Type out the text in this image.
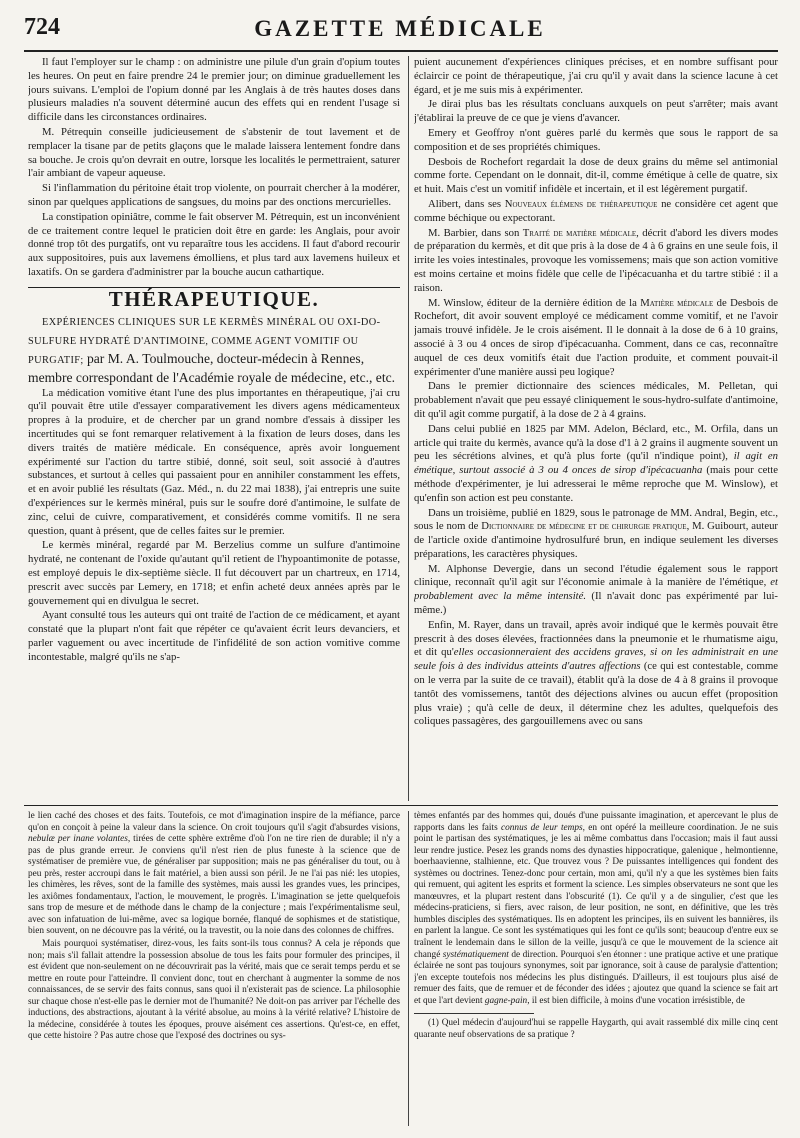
724	GAZETTE MÉDICALE

Il faut l'employer sur le champ : on administre une pilule d'un grain d'opium toutes les heures. On peut en faire prendre 24 le premier jour; on diminue graduellement les jours suivans. L'emploi de l'opium donné par les Anglais à de très hautes doses dans plusieurs maladies n'a souvent déterminé aucun des effets qui en rendent l'usage si difficile dans les circonstances ordinaires.

M. Pétrequin conseille judicieusement de s'abstenir de tout lavement et de remplacer la tisane par de petits glaçons que le malade laissera lentement fondre dans sa bouche. Je crois qu'on devrait en outre, lorsque les localités le permettraient, saturer l'air ambiant de vapeur aqueuse.

Si l'inflammation du péritoine était trop violente, on pourrait chercher à la modérer, sinon par quelques applications de sangsues, du moins par des onctions mercurielles.

La constipation opiniâtre, comme le fait observer M. Pétrequin, est un inconvénient de ce traitement contre lequel le praticien doit être en garde: les Anglais, pour avoir donné trop tôt des purgatifs, ont vu reparaître tous les accidens. Il faut d'abord recourir aux suppositoires, puis aux lavemens émolliens, et plus tard aux lavemens huileux et laxatifs. On se gardera d'administrer par la bouche aucun cathartique.

THÉRAPEUTIQUE.

EXPÉRIENCES CLINIQUES SUR LE KERMÈS MINÉRAL OU OXI-DO-SULFURE HYDRATÉ D'ANTIMOINE, COMME AGENT VOMITIF OU PURGATIF; par M. A. Toulmouche, docteur-médecin à Rennes, membre correspondant de l'Académie royale de médecine, etc., etc.

La médication vomitive étant l'une des plus importantes en thérapeutique, j'ai cru qu'il pouvait être utile d'essayer comparativement les divers agens médicamenteux propres à la produire, et de chercher par un grand nombre d'essais à dissiper les incertitudes qui se font remarquer relativement à la fixation de leurs doses, dans les divers traités de matière médicale. En conséquence, après avoir longuement expérimenté sur l'action du tartre stibié, donné, soit seul, soit associé à d'autres substances, et surtout à celles qui passaient pour en annihiler constamment les effets, et en avoir publié les résultats (Gaz. Méd., n. du 22 mai 1838), j'ai entrepris une suite d'expériences sur le kermès minéral, puis sur le soufre doré d'antimoine, le sulfate de zinc, celui de cuivre, comparativement, et considérés comme vomitifs. Il ne sera question, quant à présent, que de celles faites sur le premier.

Le kermès minéral, regardé par M. Berzelius comme un sulfure d'antimoine hydraté, ne contenant de l'oxide qu'autant qu'il retient de l'hypoantimonite de potasse, est employé depuis le dix-septième siècle. Il fut découvert par un chartreux, en 1714, prescrit avec succès par Lemery, en 1718; et enfin acheté deux années après par le gouvernement qui en divulgua le secret.

Ayant consulté tous les auteurs qui ont traité de l'action de ce médicament, et ayant constaté que la plupart n'ont fait que répéter ce qu'avaient écrit leurs devanciers, et parler vaguement ou avec incertitude de l'infidélité de son action vomitive comme incontestable, malgré qu'ils ne s'ap-

puient aucunement d'expériences cliniques précises, et en nombre suffisant pour éclaircir ce point de thérapeutique, j'ai cru qu'il y avait dans la science lacune à cet égard, et je me suis mis à expérimenter.

Je dirai plus bas les résultats concluans auxquels on peut s'arrêter; mais avant j'établirai la preuve de ce que je viens d'avancer.

Emery et Geoffroy n'ont guères parlé du kermès que sous le rapport de sa composition et de ses propriétés chimiques.

Desbois de Rochefort regardait la dose de deux grains du même sel antimonial comme forte. Cependant on le donnait, dit-il, comme émétique à celle de quatre, six et huit. Mais c'est un vomitif infidèle et incertain, et il est légèrement purgatif.

Alibert, dans ses Nouveaux élémens de thérapeutique ne considère cet agent que comme béchique ou expectorant.

M. Barbier, dans son Traité de matière médicale, décrit d'abord les divers modes de préparation du kermès, et dit que pris à la dose de 4 à 6 grains en une seule fois, il irrite les voies intestinales, provoque les vomissemens; mais que son action vomitive est moins certaine et moins fidèle que celle de l'ipécacuanha et du tartre stibié : il a raison.

M. Winslow, éditeur de la dernière édition de la Matière médicale de Desbois de Rochefort, dit avoir souvent employé ce médicament comme vomitif, et ne l'avoir jamais trouvé infidèle. Je le crois aisément. Il le donnait à la dose de 6 à 10 grains, associé à 3 ou 4 onces de sirop d'ipécacuanha. Comment, dans ce cas, reconnaître auquel de ces deux vomitifs était due l'action produite, et comment pouvait-il expérimenter d'une manière aussi peu logique?

Dans le premier dictionnaire des sciences médicales, M. Pelletan, qui probablement n'avait que peu essayé cliniquement le sous-hydro-sulfate d'antimoine, dit qu'il agit comme purgatif, à la dose de 2 à 4 grains.

Dans celui publié en 1825 par MM. Adelon, Béclard, etc., M. Orfila, dans un article qui traite du kermès, avance qu'à la dose d'1 à 2 grains il augmente souvent un peu les sécrétions alvines, et qu'à plus forte (qu'il n'indique point), il agit en émétique, surtout associé à 3 ou 4 onces de sirop d'ipécacuanha (mais pour cette méthode d'expérimenter, je lui adresserai le même reproche que M. Winslow), et qu'enfin son action est peu constante.

Dans un troisième, publié en 1829, sous le patronage de MM. Andral, Begin, etc., sous le nom de Dictionnaire de médecine et de chirurgie pratique, M. Guibourt, auteur de l'article oxide d'antimoine hydrosulfuré brun, en indique seulement les diverses préparations, les caractères physiques.

M. Alphonse Devergie, dans un second l'étudie également sous le rapport clinique, reconnaît qu'il agit sur l'économie animale à la manière de l'émétique, et probablement avec la même intensité. (Il n'avait donc pas expérimenté par lui-même.)

Enfin, M. Rayer, dans un travail, après avoir indiqué que le kermès pouvait être prescrit à des doses élevées, fractionnées dans la pneumonie et le rhumatisme aigu, et dit qu'elles occasionneraient des accidens graves, si on les administrait en une seule fois à des individus atteints d'autres affections (ce qui est contestable, comme on le verra par la suite de ce travail), établit qu'à la dose de 4 à 8 grains il provoque tantôt des vomissemens, tantôt des déjections alvines ou aucun effet (proposition plus vraie) ; qu'à celle de deux, il détermine chez les adultes, quelquefois des coliques passagères, des gargouillemens avec ou sans

le lien caché des choses et des faits. Toutefois, ce mot d'imagination inspire de la méfiance, parce qu'on en conçoit à peine la valeur dans la science. On croit toujours qu'il s'agit d'absurdes visions, nebulæ per inane volantes, tirées de cette sphère extrême d'où l'on ne tire rien de durable; il n'y a pas de plus grande erreur. Je conviens qu'il n'est rien de plus funeste à la science que de systématiser de première vue, de généraliser par supposition; mais ne pas généraliser du tout, ou à peu près, rester accroupi dans le fait matériel, a bien aussi son péril. Je ne l'ai pas nié: les utopies, les chimères, les rêves, sont de la famille des systèmes, mais aussi les grandes vues, les principes, les axiômes fondamentaux, l'action, le mouvement, le progrès. L'imagination se jette quelquefois sans trop de mesure et de méthode dans le champ de la conjecture ; mais l'expérimentalisme seul, avec son infatuation de lui-même, avec sa logique bornée, flanqué de sophismes et de statistique, bien souvent, on ne découvre pas la vérité, ou la travestit, ou la noie dans des colonnes de chiffres.

Mais pourquoi systématiser, direz-vous, les faits sont-ils tous connus? A cela je réponds que non; mais s'il fallait attendre la possession absolue de tous les faits pour formuler des principes, il est évident que non-seulement on ne découvrirait pas la vérité, mais que ce serait temps perdu et se mettre en route pour l'atteindre. Il convient donc, tout en cherchant à augmenter la somme de nos connaissances, de se servir des faits connus, sans quoi il n'existerait pas de science. La philosophie sur chaque chose n'est-elle pas le dernier mot de l'humanité? Ne doit-on pas arriver par l'échelle des inductions, des abstractions, ajoutant à la vérité absolue, au moins à la vérité relative? L'histoire de la médecine, considérée à toutes les époques, prouve aisément ces assertions. Qu'est-ce, en effet, que cette histoire ? Pas autre chose que l'exposé des doctrines ou sys-

tèmes enfantés par des hommes qui, doués d'une puissante imagination, et apercevant le plus de rapports dans les faits connus de leur temps, en ont opéré la meilleure coordination. Je ne suis point le partisan des systématiques, je les ai même combattus dans l'occasion; mais il faut aussi leur rendre justice. Pesez les grands noms des dynasties hippocratique, galenique , helmontienne, boerhaavienne, stalhienne, etc. Que trouvez vous ? De puissantes intelligences qui fondent des systèmes ou doctrines. Tenez-donc pour certain, mon ami, qu'il n'y a que les systèmes bien faits qui remuent, qui agitent les esprits et forment la science. Les simples observateurs ne sont que les manœuvres, et la plupart restent dans l'obscurité (1). Ce qu'il y a de singulier, c'est que les médecins-praticiens, si fiers, avec raison, de leur position, ne sont, en définitive, que les très humbles disciples des systématiques. Ils en adoptent les principes, ils en suivent les bannières, ils en parlent la langue. Ce sont les systématiques qui les font ce qu'ils sont; beaucoup d'entre eux se traînent le lendemain dans le sillon de la veille, jusqu'à ce que le mouvement de la science ait changé systématiquement de direction. Pourquoi s'en étonner : une pratique active et une pratique éclairée ne sont pas toujours synonymes, soit par ignorance, soit à cause de paralysie d'attention; j'en excepte toutefois nos médecins les plus distingués. D'ailleurs, il est toujours plus aisé de remuer des faits, que de remuer et de féconder des idées ; ajoutez que quand la science se fait art et que l'art devient gagne-pain, il est bien difficile, à moins d'une vocation irrésistible, de

(1) Quel médecin d'aujourd'hui se rappelle Haygarth, qui avait rassemblé dix mille cinq cent quarante neuf observations de sa pratique ?
